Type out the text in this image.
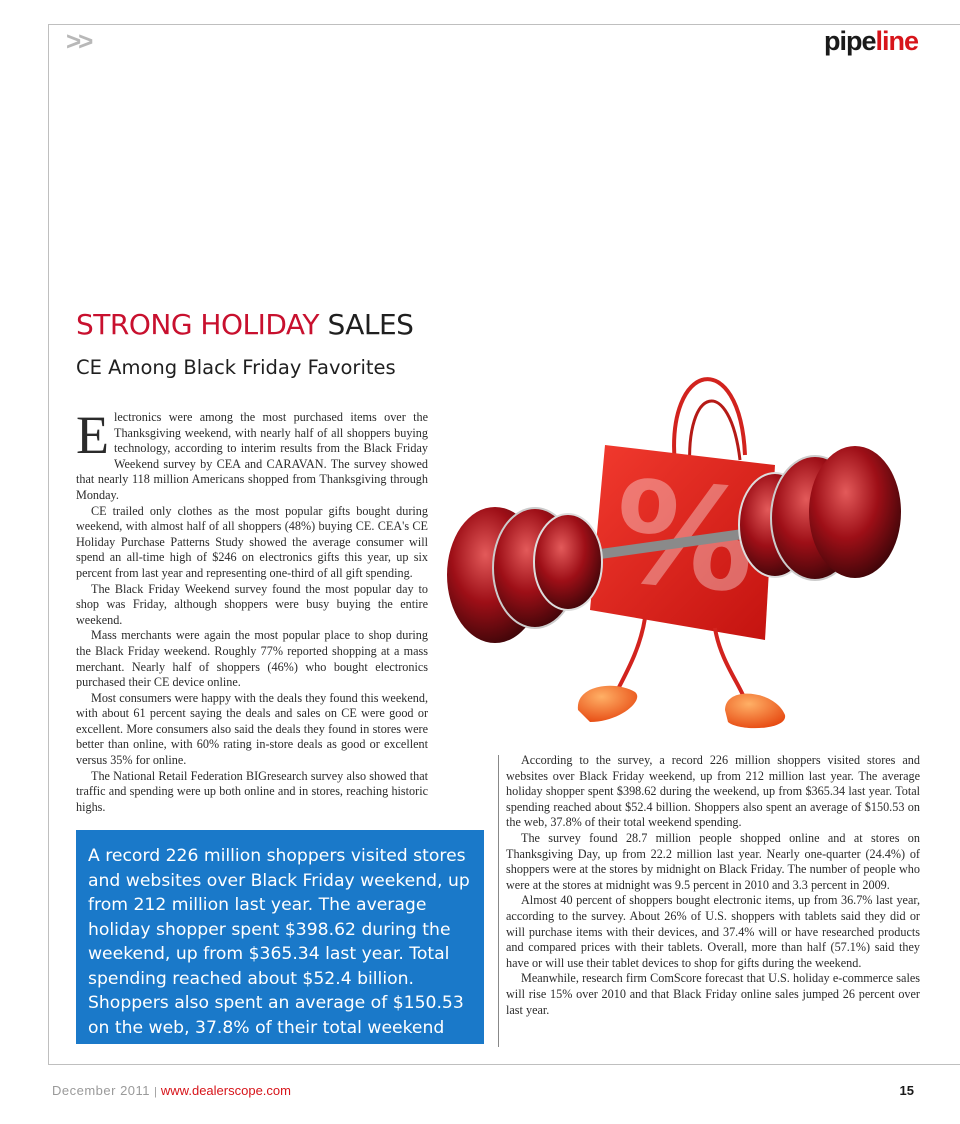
>>	pipeline
STRONG HOLIDAY SALES
CE Among Black Friday Favorites

Electronics were among the most purchased items over the Thanksgiving weekend, with nearly half of all shoppers buying technology, according to interim results from the Black Friday Weekend survey by CEA and CARAVAN. The survey showed that nearly 118 million Americans shopped from Thanksgiving through Monday.

CE trailed only clothes as the most popular gifts bought during weekend, with almost half of all shoppers (48%) buying CE. CEA's CE Holiday Purchase Patterns Study showed the average consumer will spend an all-time high of $246 on electronics gifts this year, up six percent from last year and representing one-third of all gift spending.

The Black Friday Weekend survey found the most popular day to shop was Friday, although shoppers were busy buying the entire weekend.

Mass merchants were again the most popular place to shop during the Black Friday weekend. Roughly 77% reported shopping at a mass merchant. Nearly half of shoppers (46%) who bought electronics purchased their CE device online.

Most consumers were happy with the deals they found this weekend, with about 61 percent saying the deals and sales on CE were good or excellent. More consumers also said the deals they found in stores were better than online, with 60% rating in-store deals as good or excellent versus 35% for online.

The National Retail Federation BIGresearch survey also showed that traffic and spending were up both online and in stores, reaching historic highs.

According to the survey, a record 226 million shoppers visited stores and websites over Black Friday weekend, up from 212 million last year. The average holiday shopper spent $398.62 during the weekend, up from $365.34 last year. Total spending reached about $52.4 billion. Shoppers also spent an average of $150.53 on the web, 37.8% of their total weekend spending.

The survey found 28.7 million people shopped online and at stores on Thanksgiving Day, up from 22.2 million last year. Nearly one-quarter (24.4%) of shoppers were at the stores by midnight on Black Friday. The number of people who were at the stores at midnight was 9.5 percent in 2010 and 3.3 percent in 2009.

Almost 40 percent of shoppers bought electronic items, up from 36.7% last year, according to the survey. About 26% of U.S. shoppers with tablets said they did or will purchase items with their devices, and 37.4% will or have researched products and compared prices with their tablets. Overall, more than half (57.1%) said they have or will use their tablet devices to shop for gifts during the weekend.

Meanwhile, research firm ComScore forecast that U.S. holiday e-commerce sales will rise 15% over 2010 and that Black Friday online sales jumped 26 percent over last year.

A record 226 million shoppers visited stores and websites over Black Friday weekend, up from 212 million last year. The average holiday shopper spent $398.62 during the weekend, up from $365.34 last year. Total spending reached about $52.4 billion. Shoppers also spent an average of $150.53 on the web, 37.8% of their total weekend spending.
December 2011 | www.dealerscope.com	15
